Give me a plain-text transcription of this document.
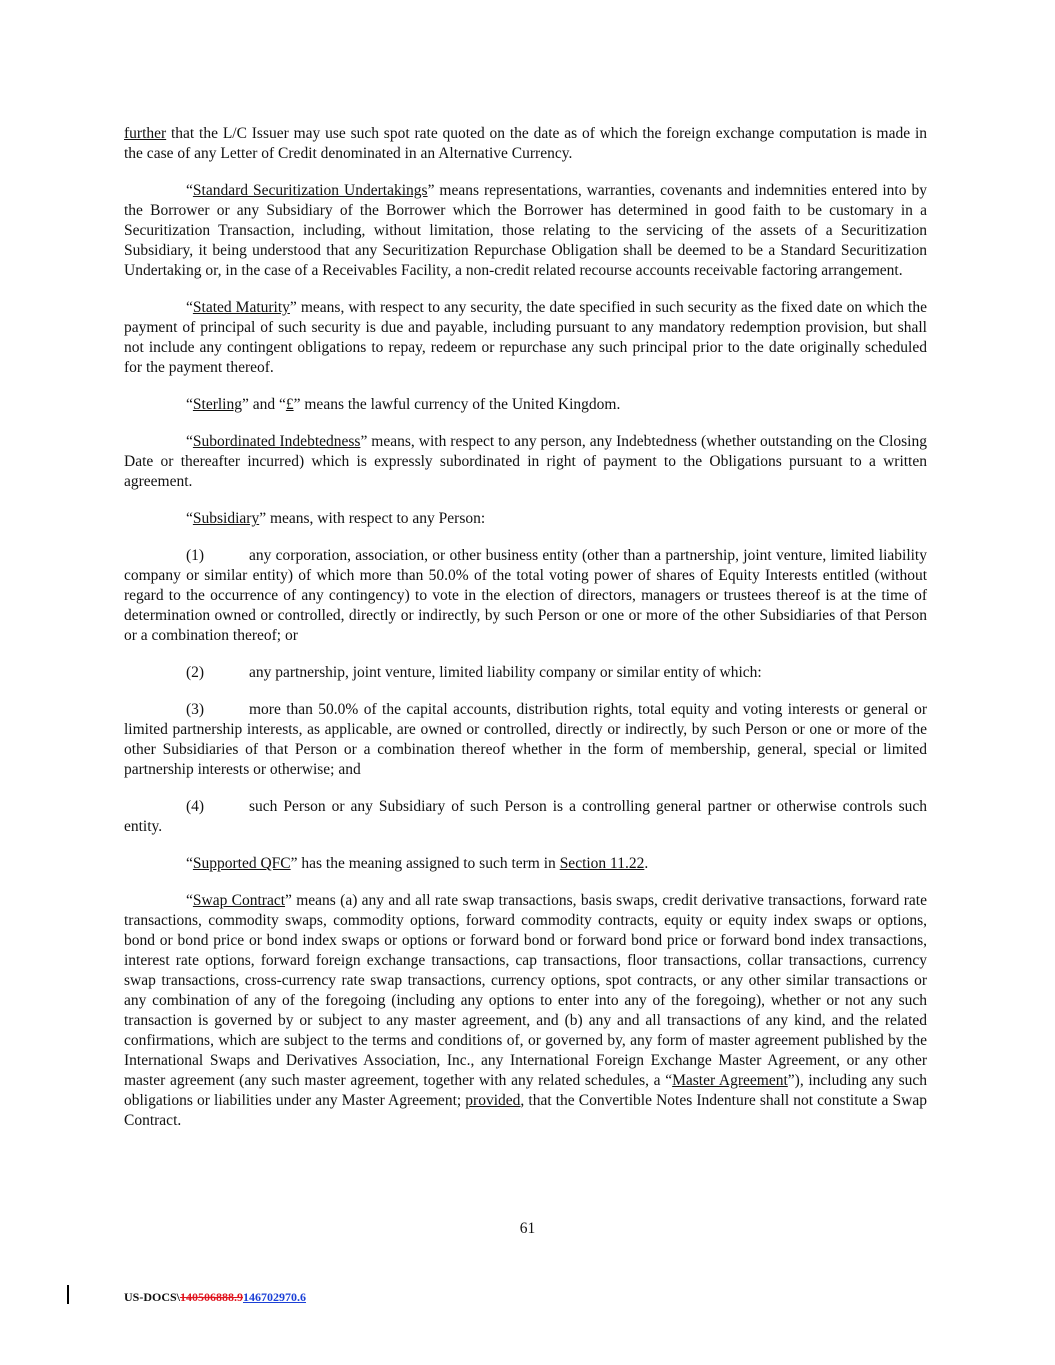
further that the L/C Issuer may use such spot rate quoted on the date as of which the foreign exchange computation is made in the case of any Letter of Credit denominated in an Alternative Currency.

“Standard Securitization Undertakings” means representations, warranties, covenants and indemnities entered into by the Borrower or any Subsidiary of the Borrower which the Borrower has determined in good faith to be customary in a Securitization Transaction, including, without limitation, those relating to the servicing of the assets of a Securitization Subsidiary, it being understood that any Securitization Repurchase Obligation shall be deemed to be a Standard Securitization Undertaking or, in the case of a Receivables Facility, a non-credit related recourse accounts receivable factoring arrangement.

“Stated Maturity” means, with respect to any security, the date specified in such security as the fixed date on which the payment of principal of such security is due and payable, including pursuant to any mandatory redemption provision, but shall not include any contingent obligations to repay, redeem or repurchase any such principal prior to the date originally scheduled for the payment thereof.

“Sterling” and “£” means the lawful currency of the United Kingdom.

“Subordinated Indebtedness” means, with respect to any person, any Indebtedness (whether outstanding on the Closing Date or thereafter incurred) which is expressly subordinated in right of payment to the Obligations pursuant to a written agreement.

“Subsidiary” means, with respect to any Person:

(1)	any corporation, association, or other business entity (other than a partnership, joint venture, limited liability company or similar entity) of which more than 50.0% of the total voting power of shares of Equity Interests entitled (without regard to the occurrence of any contingency) to vote in the election of directors, managers or trustees thereof is at the time of determination owned or controlled, directly or indirectly, by such Person or one or more of the other Subsidiaries of that Person or a combination thereof; or

(2)	any partnership, joint venture, limited liability company or similar entity of which:

(3)	more than 50.0% of the capital accounts, distribution rights, total equity and voting interests or general or limited partnership interests, as applicable, are owned or controlled, directly or indirectly, by such Person or one or more of the other Subsidiaries of that Person or a combination thereof whether in the form of membership, general, special or limited partnership interests or otherwise; and

(4)	such Person or any Subsidiary of such Person is a controlling general partner or otherwise controls such entity.

“Supported QFC” has the meaning assigned to such term in Section 11.22.

“Swap Contract” means (a) any and all rate swap transactions, basis swaps, credit derivative transactions, forward rate transactions, commodity swaps, commodity options, forward commodity contracts, equity or equity index swaps or options, bond or bond price or bond index swaps or options or forward bond or forward bond price or forward bond index transactions, interest rate options, forward foreign exchange transactions, cap transactions, floor transactions, collar transactions, currency swap transactions, cross-currency rate swap transactions, currency options, spot contracts, or any other similar transactions or any combination of any of the foregoing (including any options to enter into any of the foregoing), whether or not any such transaction is governed by or subject to any master agreement, and (b) any and all transactions of any kind, and the related confirmations, which are subject to the terms and conditions of, or governed by, any form of master agreement published by the International Swaps and Derivatives Association, Inc., any International Foreign Exchange Master Agreement, or any other master agreement (any such master agreement, together with any related schedules, a “Master Agreement”), including any such obligations or liabilities under any Master Agreement; provided, that the Convertible Notes Indenture shall not constitute a Swap Contract.

61
US-DOCS\140506888.9146702970.6
